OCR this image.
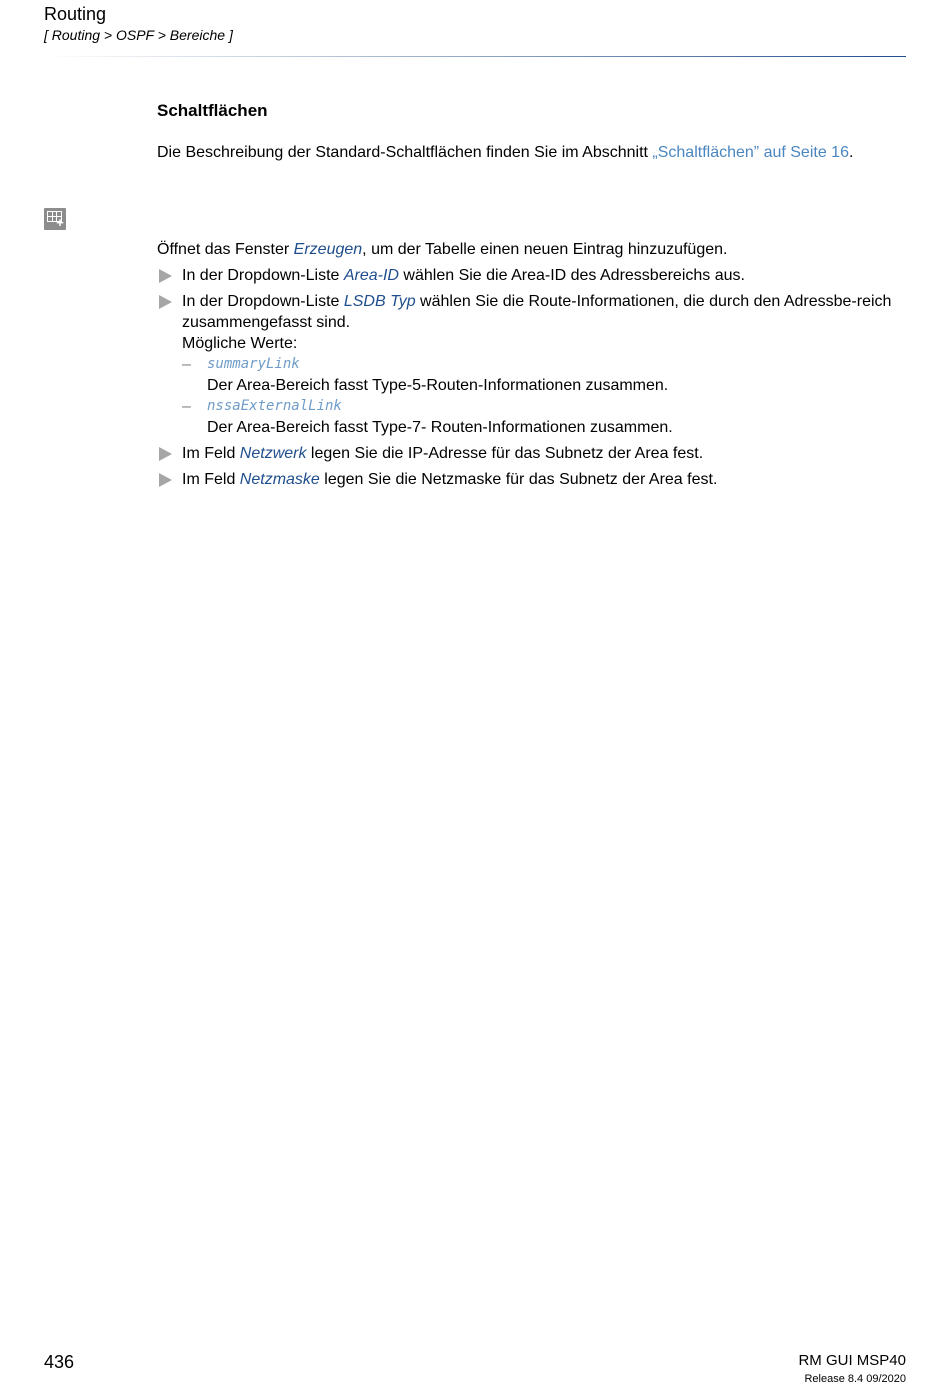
Routing
[ Routing > OSPF > Bereiche ]
Schaltflächen
Die Beschreibung der Standard-Schaltflächen finden Sie im Abschnitt „Schaltflächen” auf Seite 16.
+

Öffnet das Fenster Erzeugen, um der Tabelle einen neuen Eintrag hinzuzufügen.

In der Dropdown-Liste Area-ID wählen Sie die Area-ID des Adressbereichs aus.
In der Dropdown-Liste LSDB Typ wählen Sie die Route-Informationen, die durch den Adressbe-reich zusammengefasst sind.
Mögliche Werte:
– summaryLink
Der Area-Bereich fasst Type-5-Routen-Informationen zusammen.
– nssaExternalLink
Der Area-Bereich fasst Type-7- Routen-Informationen zusammen.
Im Feld Netzwerk legen Sie die IP-Adresse für das Subnetz der Area fest.
Im Feld Netzmaske legen Sie die Netzmaske für das Subnetz der Area fest.
436	RM GUI MSP40
Release 8.4 09/2020
